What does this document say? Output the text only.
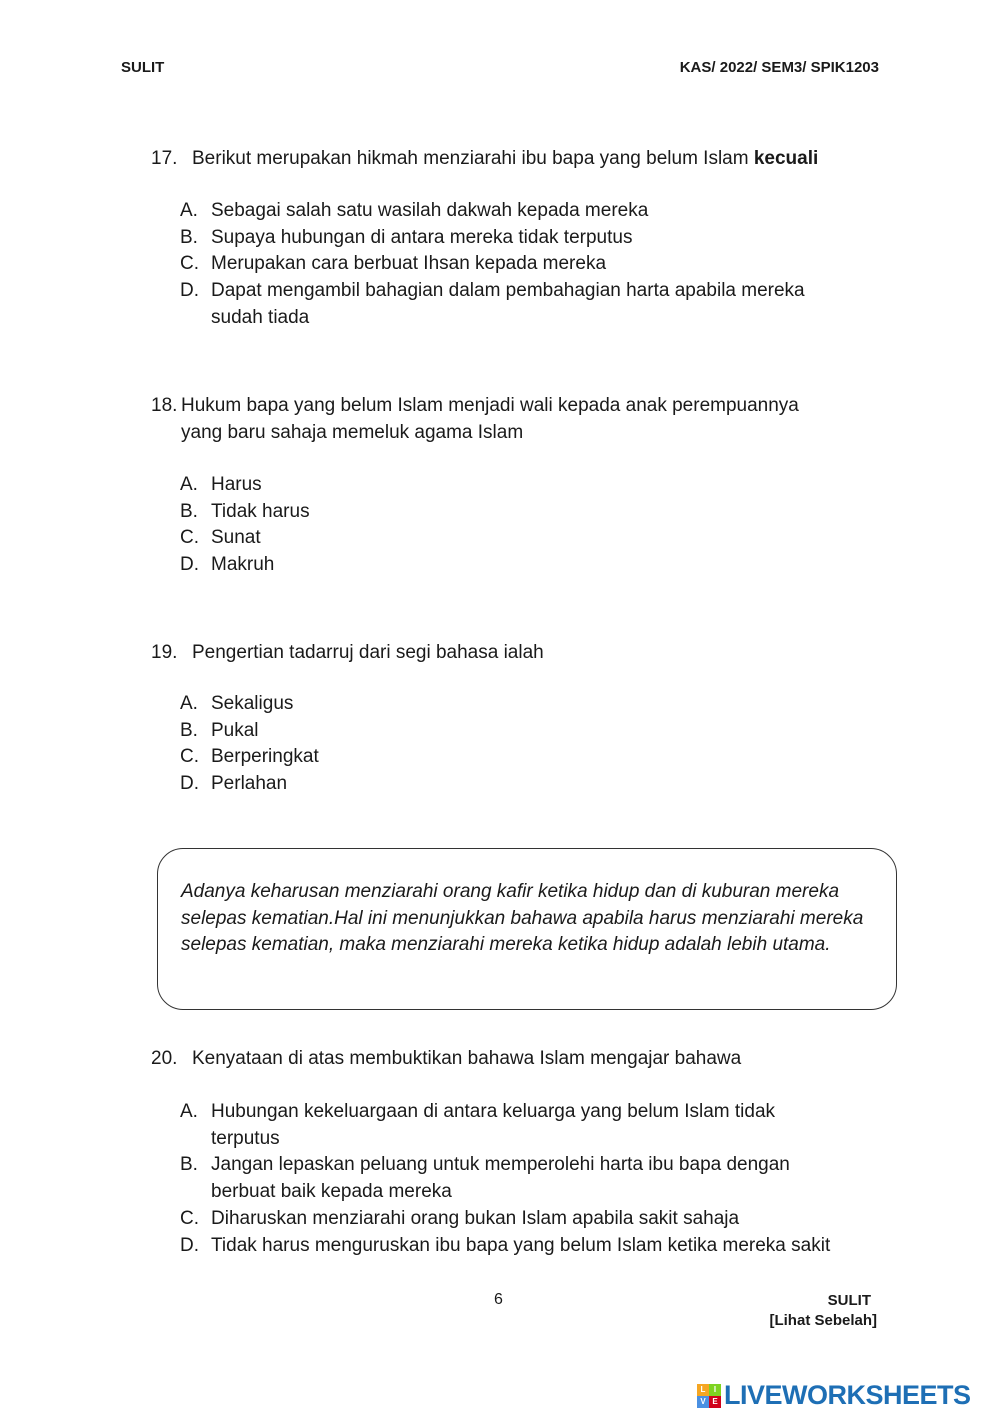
SULIT	KAS/ 2022/ SEM3/ SPIK1203
17. Berikut merupakan hikmah menziarahi ibu bapa yang belum Islam kecuali
A. Sebagai salah satu wasilah dakwah kepada mereka
B. Supaya hubungan di antara mereka tidak terputus
C. Merupakan cara berbuat Ihsan kepada mereka
D. Dapat mengambil bahagian dalam pembahagian harta apabila mereka sudah tiada
18. Hukum bapa yang belum Islam menjadi wali kepada anak perempuannya
yang baru sahaja memeluk agama Islam
A. Harus
B. Tidak harus
C. Sunat
D. Makruh
19. Pengertian tadarruj dari segi bahasa ialah
A. Sekaligus
B. Pukal
C. Berperingkat
D. Perlahan
Adanya keharusan menziarahi orang kafir ketika hidup dan di kuburan mereka selepas kematian.Hal ini menunjukkan bahawa apabila harus menziarahi mereka selepas kematian, maka menziarahi mereka ketika hidup adalah lebih utama.
20. Kenyataan di atas membuktikan bahawa Islam mengajar bahawa
A. Hubungan kekeluargaan di antara keluarga yang belum Islam tidak terputus
B. Jangan lepaskan peluang untuk memperolehi harta ibu bapa dengan berbuat baik kepada mereka
C. Diharuskan menziarahi orang bukan Islam apabila sakit sahaja
D. Tidak harus menguruskan ibu bapa yang belum Islam ketika mereka sakit
6	SULIT
[Lihat Sebelah]
L	I
V E LIVEWORKSHEETS
